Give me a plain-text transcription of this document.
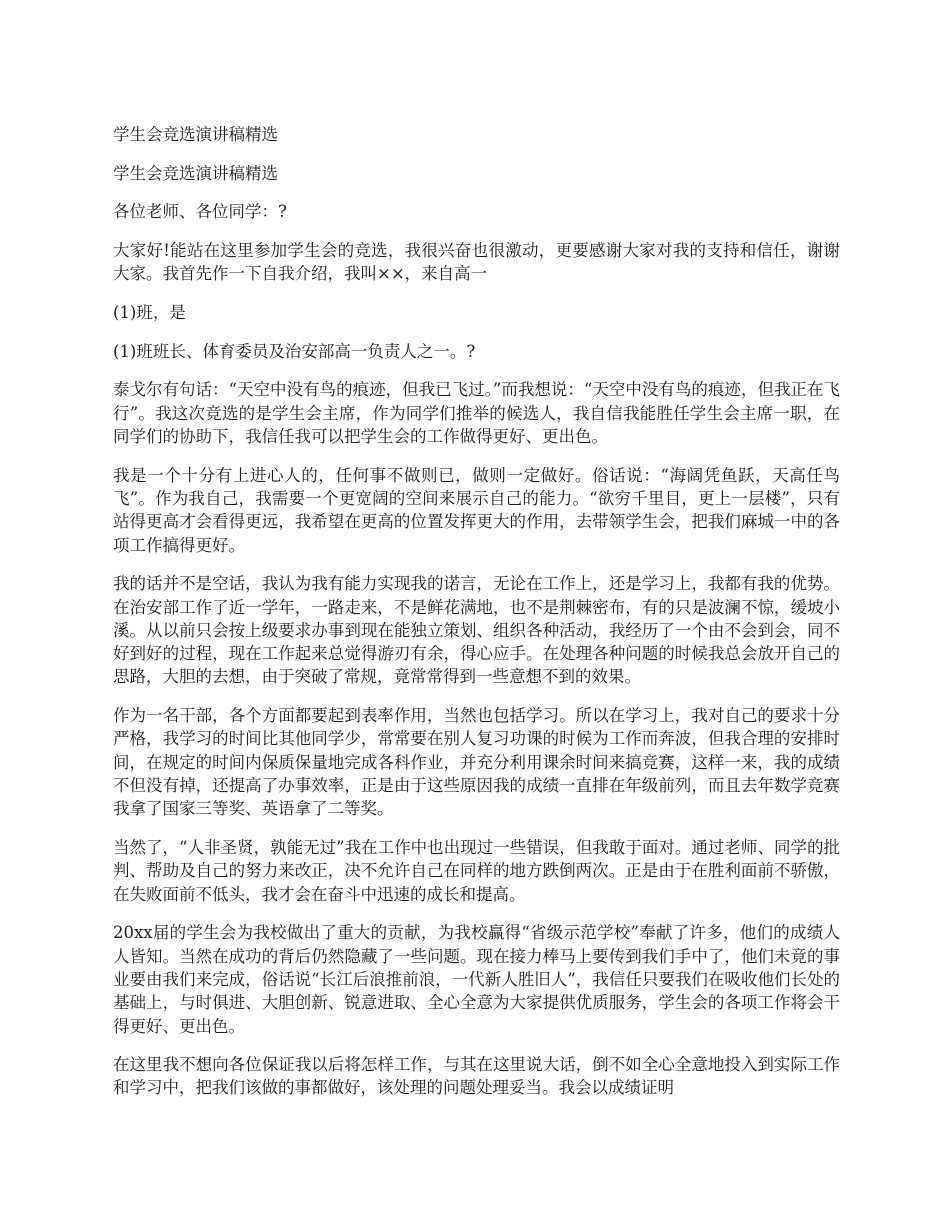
学生会竞选演讲稿精选

学生会竞选演讲稿精选

各位老师、各位同学：?

大家好!能站在这里参加学生会的竞选，我很兴奋也很激动，更要感谢大家对我的支持和信任，谢谢大家。我首先作一下自我介绍，我叫××，来自高一

(1)班，是

(1)班班长、体育委员及治安部高一负责人之一。?

泰戈尔有句话：“天空中没有鸟的痕迹，但我已飞过。”而我想说：“天空中没有鸟的痕迹，但我正在飞行”。我这次竞选的是学生会主席，作为同学们推举的候选人，我自信我能胜任学生会主席一职，在同学们的协助下，我信任我可以把学生会的工作做得更好、更出色。

我是一个十分有上进心人的，任何事不做则已，做则一定做好。俗话说：“海阔凭鱼跃，天高任鸟飞”。作为我自己，我需要一个更宽阔的空间来展示自己的能力。“欲穷千里目，更上一层楼”，只有站得更高才会看得更远，我希望在更高的位置发挥更大的作用，去带领学生会，把我们麻城一中的各项工作搞得更好。

我的话并不是空话，我认为我有能力实现我的诺言，无论在工作上，还是学习上，我都有我的优势。在治安部工作了近一学年，一路走来，不是鲜花满地，也不是荆棘密布，有的只是波澜不惊，缓坡小溪。从以前只会按上级要求办事到现在能独立策划、组织各种活动，我经历了一个由不会到会，同不好到好的过程，现在工作起来总觉得游刃有余，得心应手。在处理各种问题的时候我总会放开自己的思路，大胆的去想，由于突破了常规，竟常常得到一些意想不到的效果。

作为一名干部，各个方面都要起到表率作用，当然也包括学习。所以在学习上，我对自己的要求十分严格，我学习的时间比其他同学少，常常要在别人复习功课的时候为工作而奔波，但我合理的安排时间，在规定的时间内保质保量地完成各科作业，并充分利用课余时间来搞竞赛，这样一来，我的成绩不但没有掉，还提高了办事效率，正是由于这些原因我的成绩一直排在年级前列，而且去年数学竞赛我拿了国家三等奖、英语拿了二等奖。

当然了，“人非圣贤，孰能无过”我在工作中也出现过一些错误，但我敢于面对。通过老师、同学的批判、帮助及自己的努力来改正，决不允许自己在同样的地方跌倒两次。正是由于在胜利面前不骄傲，在失败面前不低头，我才会在奋斗中迅速的成长和提高。

20xx届的学生会为我校做出了重大的贡献，为我校赢得“省级示范学校”奉献了许多，他们的成绩人人皆知。当然在成功的背后仍然隐藏了一些问题。现在接力棒马上要传到我们手中了，他们未竟的事业要由我们来完成，俗话说“长江后浪推前浪，一代新人胜旧人”，我信任只要我们在吸收他们长处的基础上，与时俱进、大胆创新、锐意进取、全心全意为大家提供优质服务，学生会的各项工作将会干得更好、更出色。

在这里我不想向各位保证我以后将怎样工作，与其在这里说大话，倒不如全心全意地投入到实际工作和学习中，把我们该做的事都做好，该处理的问题处理妥当。我会以成绩证明
